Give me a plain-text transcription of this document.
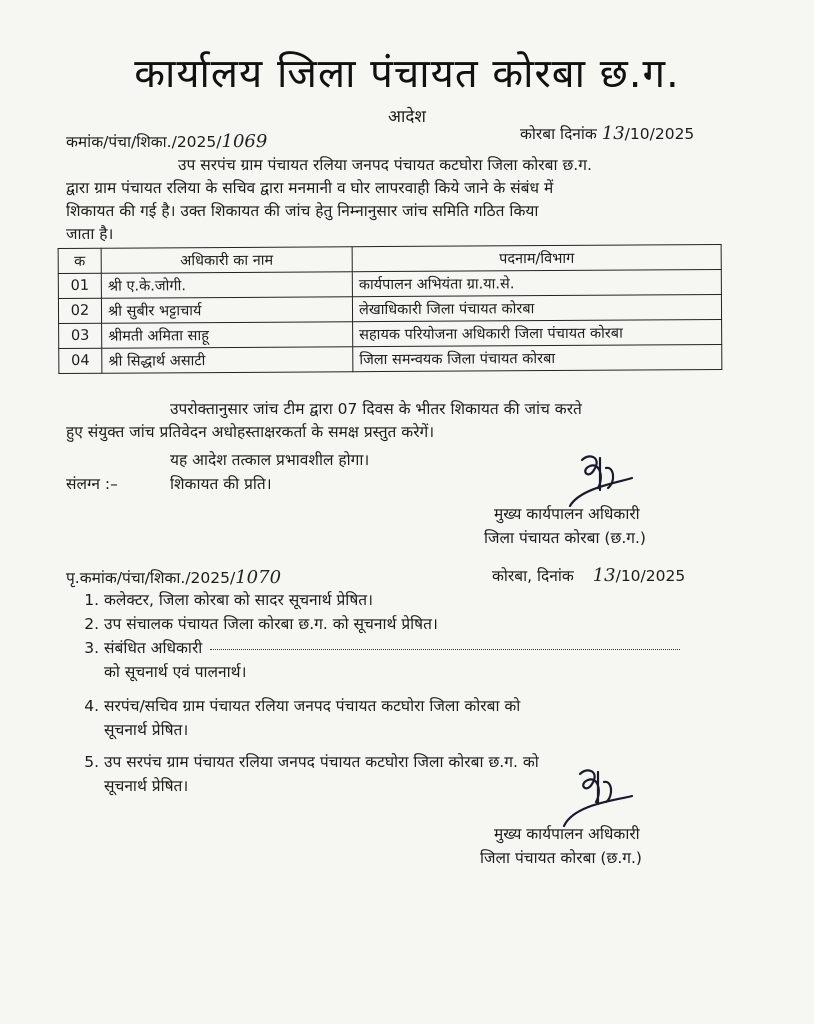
कार्यालय जिला पंचायत कोरबा छ.ग.
आदेश
कमांक/पंचा/शिका./2025/1069	कोरबा दिनांक 13/10/2025
उप सरपंच ग्राम पंचायत रलिया जनपद पंचायत कटघोरा जिला कोरबा छ.ग.
द्वारा ग्राम पंचायत रलिया के सचिव द्वारा मनमानी व घोर लापरवाही किये जाने के संबंध में
शिकायत की गई है। उक्त शिकायत की जांच हेतु निम्नानुसार जांच समिति गठित किया
जाता है।
क	अधिकारी का नाम	पदनाम/विभाग
01	श्री ए.के.जोगी.	कार्यपालन अभियंता ग्रा.या.से.
02	श्री सुबीर भट्टाचार्य	लेखाधिकारी जिला पंचायत कोरबा
03	श्रीमती अमिता साहू	सहायक परियोजना अधिकारी जिला पंचायत कोरबा
04	श्री सिद्धार्थ असाटी	जिला समन्वयक जिला पंचायत कोरबा
उपरोक्तानुसार जांच टीम द्वारा 07 दिवस के भीतर शिकायत की जांच करते
हुए संयुक्त जांच प्रतिवेदन अधोहस्ताक्षरकर्ता के समक्ष प्रस्तुत करेगें।
यह आदेश तत्काल प्रभावशील होगा।
संलग्न :–	शिकायत की प्रति।
मुख्य कार्यपालन अधिकारी
जिला पंचायत कोरबा (छ.ग.)
पृ.कमांक/पंचा/शिका./2025/1070	कोरबा, दिनांक 13/10/2025
1. कलेक्टर, जिला कोरबा को सादर सूचनार्थ प्रेषित।
2. उप संचालक पंचायत जिला कोरबा छ.ग. को सूचनार्थ प्रेषित।
3. संबंधित अधिकारी
को सूचनार्थ एवं पालनार्थ।
4. सरपंच/सचिव ग्राम पंचायत रलिया जनपद पंचायत कटघोरा जिला कोरबा को
सूचनार्थ प्रेषित।
5. उप सरपंच ग्राम पंचायत रलिया जनपद पंचायत कटघोरा जिला कोरबा छ.ग. को
सूचनार्थ प्रेषित।
मुख्य कार्यपालन अधिकारी
जिला पंचायत कोरबा (छ.ग.)
